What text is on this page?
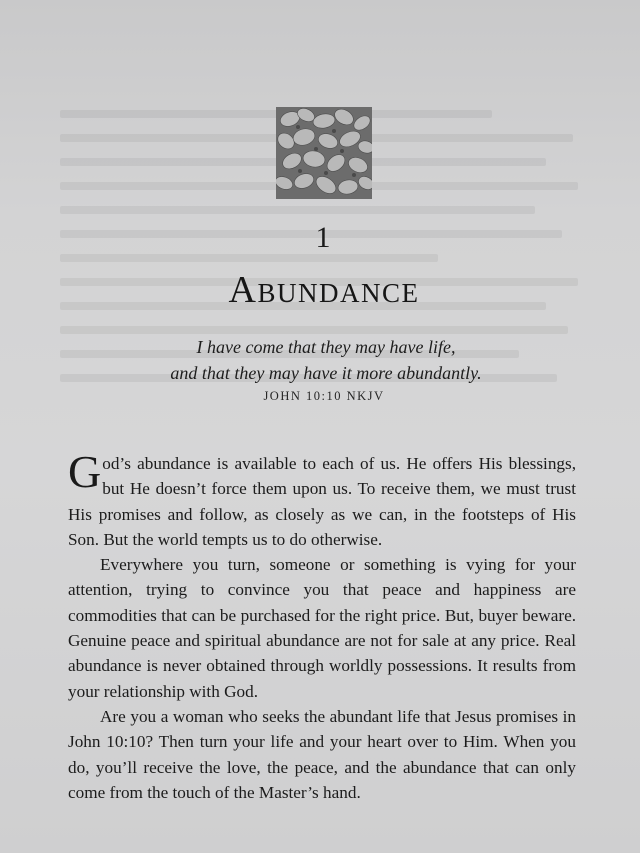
1
Abundance
I have come that they may have life,
and that they may have it more abundantly.
JOHN 10:10 NKJV

God’s abundance is available to each of us. He offers His blessings, but He doesn’t force them upon us. To receive them, we must trust His promises and follow, as closely as we can, in the footsteps of His Son. But the world tempts us to do otherwise.

Everywhere you turn, someone or something is vying for your attention, trying to convince you that peace and happiness are commodities that can be purchased for the right price. But, buyer beware. Genuine peace and spiritual abundance are not for sale at any price. Real abundance is never obtained through worldly possessions. It results from your relationship with God.

Are you a woman who seeks the abundant life that Jesus promises in John 10:10? Then turn your life and your heart over to Him. When you do, you’ll receive the love, the peace, and the abundance that can only come from the touch of the Master’s hand.
